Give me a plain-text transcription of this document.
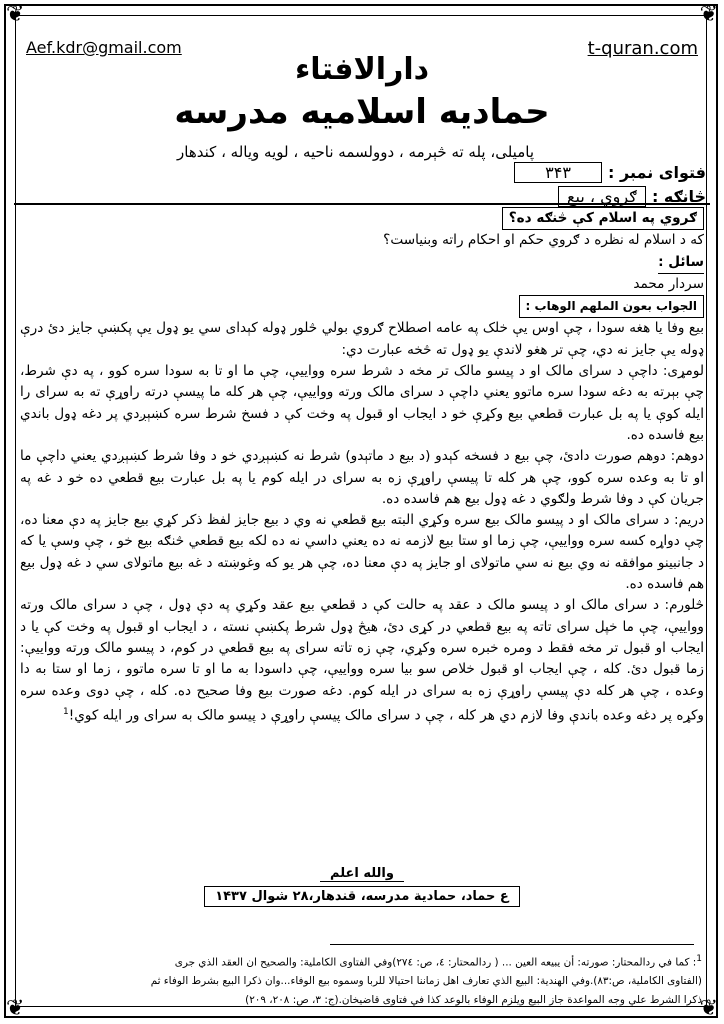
❦	❦
❦	❦
Aef.kdr@gmail.com	t-quran.com
دارالافتاء
حمادیه اسلامیه مدرسه
پامیلی، پله ته څېرمه ، دوولسمه ناحیه ، لویه ویاله ، کندهار
فتوای نمبر :
۳۴۳
څانګه :
ګروي ، بیع

ګروي په اسلام کې څنګه ده؟

که د اسلام له نظره د ګروي حکم او احکام راته وبنیاست؟

سائل :

سردار محمد

الجواب بعون الملهم الوهاب :

بیع وفا یا هغه سودا ، چې اوس یې خلک په عامه اصطلاح ګروي بولي څلور ډوله کېدای سي یو ډول یې پکښې جایز دئ درې ډوله یې جایز نه دي، چې تر هغو لاندې یو ډول ته څخه عبارت دي:

لومړی: داچې د سرای مالک او د پیسو مالک تر مخه د شرط سره وواییې، چې ما او تا به سودا سره کوو ، په دې شرط، چې بېرته به دغه سودا سره ماتوو یعني داچې د سرای مالک ورته وواییې، چې هر کله ما پیسې درته راوړې ته به سرای را ایله کوې یا په بل عبارت قطعي بیع وکړې خو د ایجاب او قبول په وخت کې د فسخ شرط سره کښېږدي پر دغه ډول باندي بیع فاسده ده.

دوهم: دوهم صورت دادئ، چې بیع د فسخه کېدو (د بیع د ماتېدو) شرط نه کښېږدي خو د وفا شرط کښېږدي یعني داچې ما او تا به وعده سره کوو، چې هر کله تا پیسې راوړې زه به سرای در ایله کوم یا په بل عبارت بیع قطعي ده خو د غه په جریان کې د وفا شرط ولګوي د غه ډول بیع هم فاسده ده.

دریم: د سرای مالک او د پیسو مالک بیع سره وکړي البته بیع قطعي نه وي د بیع جایز لفظ ذکر کړي بیع جایز په دې معنا ده، چې دواړه کسه سره وواییې، چې زما او ستا بیع لازمه نه ده یعني داسي نه ده لکه بیع قطعي څنګه بیع خو ، چې وسې یا که د جانبینو موافقه نه وي بیع نه سي ماتولای او جایز په دې معنا ده، چې هر یو که وغوښته د غه بیع ماتولای سي د غه ډول بیع هم فاسده ده.

څلورم: د سرای مالک او د پیسو مالک د عقد په حالت کې د قطعي بیع عقد وکړي په دې ډول ، چې د سرای مالک ورته وواییې، چې ما خپل سرای تاته په بیع قطعي در کړی دئ، هیڅ ډول شرط پکښې نسته ، د ایجاب او قبول په وخت کې یا د ایجاب او قبول تر مخه فقط د ومره خبره سره وکړي، چې زه تاته سرای په بیع قطعي در کوم، د پیسو مالک ورته وواییې: زما قبول دئ. کله ، چې ایجاب او قبول خلاص سو بیا سره وواییې، چې داسودا به ما او تا سره ماتوو ، زما او ستا به دا وعده ، چې هر کله دې پیسې راوړې زه به سرای در ایله کوم. دغه صورت بیع وفا صحیح ده. کله ، چې دوی وعده سره وکړه پر دغه وعده باندې وفا لازم دي هر کله ، چې د سرای مالک پیسې راوړې د پیسو مالک به سرای ور ایله کوي!$^1$

والله اعلم
ع حماد، حمادیة مدرسه، قندهار،۲۸ شوال ۱۴۳۷
1: كما في ردالمحتار: صورته: أن يبيعه العين ... ( ردالمحتار: ٤، ص: ٢٧٤)وفي الفتاوى الكاملية: والصحيح ان العقد الذي جرى
(الفتاوى الكاملية، ص:٨٣).وفي الهندية: البيع الذي تعارف اهل زماننا احتيالا للربا وسموه بيع الوفاء...وان ذكرا البيع بشرط الوفاء ثم
ذكرا الشرط علي وجه المواعدة جاز البيع ويلزم الوفاء بالوعد كذا في فتاوى قاضيخان.(ج: ٣، ص: ٢٠٨، ٢٠٩)
